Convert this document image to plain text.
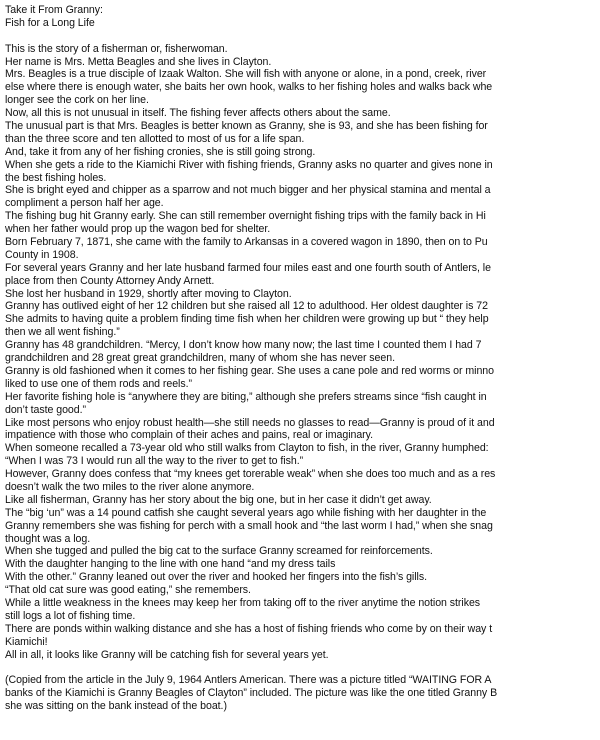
Take it From Granny:
Fish for a Long Life
This is the story of a fisherman or, fisherwoman.
Her name is Mrs. Metta Beagles and she lives in Clayton.
Mrs. Beagles is a true disciple of Izaak Walton. She will fish with anyone or alone, in a pond, creek, river
else where there is enough water, she baits her own hook, walks to her fishing holes and walks back whe
longer see the cork on her line.
Now, all this is not unusual in itself. The fishing fever affects others about the same.
The unusual part is that Mrs. Beagles is better known as Granny, she is 93, and she has been fishing for
than the three score and ten allotted to most of us for a life span.
And, take it from any of her fishing cronies, she is still going strong.
When she gets a ride to the Kiamichi River with fishing friends, Granny asks no quarter and gives none in
the best fishing holes.
She is bright eyed and chipper as a sparrow and not much bigger and her physical stamina and mental a
compliment a person half her age.
The fishing bug hit Granny early. She can still remember overnight fishing trips with the family back in Hi
when her father would prop up the wagon bed for shelter.
Born February 7, 1871, she came with the family to Arkansas in a covered wagon in 1890, then on to Pu
County in 1908.
For several years Granny and her late husband farmed four miles east and one fourth south of Antlers, le
place from then County Attorney Andy Arnett.
She lost her husband in 1929, shortly after moving to Clayton.
Granny has outlived eight of her 12 children but she raised all 12 to adulthood. Her oldest daughter is 72
She admits to having quite a problem finding time fish when her children were growing up but “ they help
then we all went fishing.”
Granny has 48 grandchildren. “Mercy, I don’t know how many now; the last time I counted them I had 7
grandchildren and 28 great great grandchildren, many of whom she has never seen.
Granny is old fashioned when it comes to her fishing gear. She uses a cane pole and red worms or minno
liked to use one of them rods and reels.”
Her favorite fishing hole is “anywhere they are biting,” although she prefers streams since “fish caught in
don’t taste good.”
Like most persons who enjoy robust health—she still needs no glasses to read—Granny is proud of it and
impatience with those who complain of their aches and pains, real or imaginary.
When someone recalled a 73-year old who still walks from Clayton to fish, in the river, Granny humphed:
“When I was 73 I would run all the way to the river to get to fish.”
However, Granny does confess that “my knees get torerable weak” when she does too much and as a res
doesn’t walk the two miles to the river alone anymore.
Like all fisherman, Granny has her story about the big one, but in her case it didn’t get away.
The “big ‘un” was a 14 pound catfish she caught several years ago while fishing with her daughter in the
Granny remembers she was fishing for perch with a small hook and “the last worm I had,” when she snag
thought was a log.
When she tugged and pulled the big cat to the surface Granny screamed for reinforcements.
With the daughter hanging to the line with one hand “and my dress tails
With the other.” Granny leaned out over the river and hooked her fingers into the fish’s gills.
“That old cat sure was good eating,” she remembers.
While a little weakness in the knees may keep her from taking off to the river anytime the notion strikes
still logs a lot of fishing time.
There are ponds within walking distance and she has a host of fishing friends who come by on their way t
Kiamichi!
All in all, it looks like Granny will be catching fish for several years yet.
(Copied from the article in the July 9, 1964 Antlers American. There was a picture titled “WAITING FOR A
banks of the Kiamichi is Granny Beagles of Clayton” included. The picture was like the one titled Granny B
she was sitting on the bank instead of the boat.)
